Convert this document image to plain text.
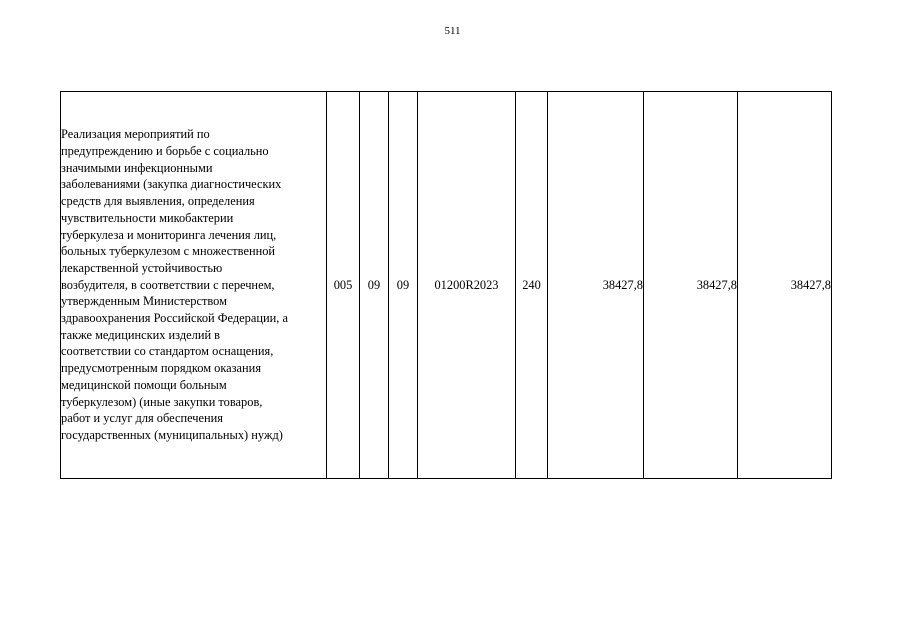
511
Реализация мероприятий по
предупреждению и борьбе с социально
значимыми инфекционными
заболеваниями (закупка диагностических
средств для выявления, определения
чувствительности микобактерии
туберкулеза и мониторинга лечения лиц,
больных туберкулезом с множественной
лекарственной устойчивостью
возбудителя, в соответствии с перечнем,
утвержденным Министерством
здравоохранения Российской Федерации, а
также медицинских изделий в
соответствии со стандартом оснащения,
предусмотренным порядком оказания
медицинской помощи больным
туберкулезом) (иные закупки товаров,
работ и услуг для обеспечения
государственных (муниципальных) нужд)
	005	09	09	01200R2023	240	38427,8	38427,8	38427,8
